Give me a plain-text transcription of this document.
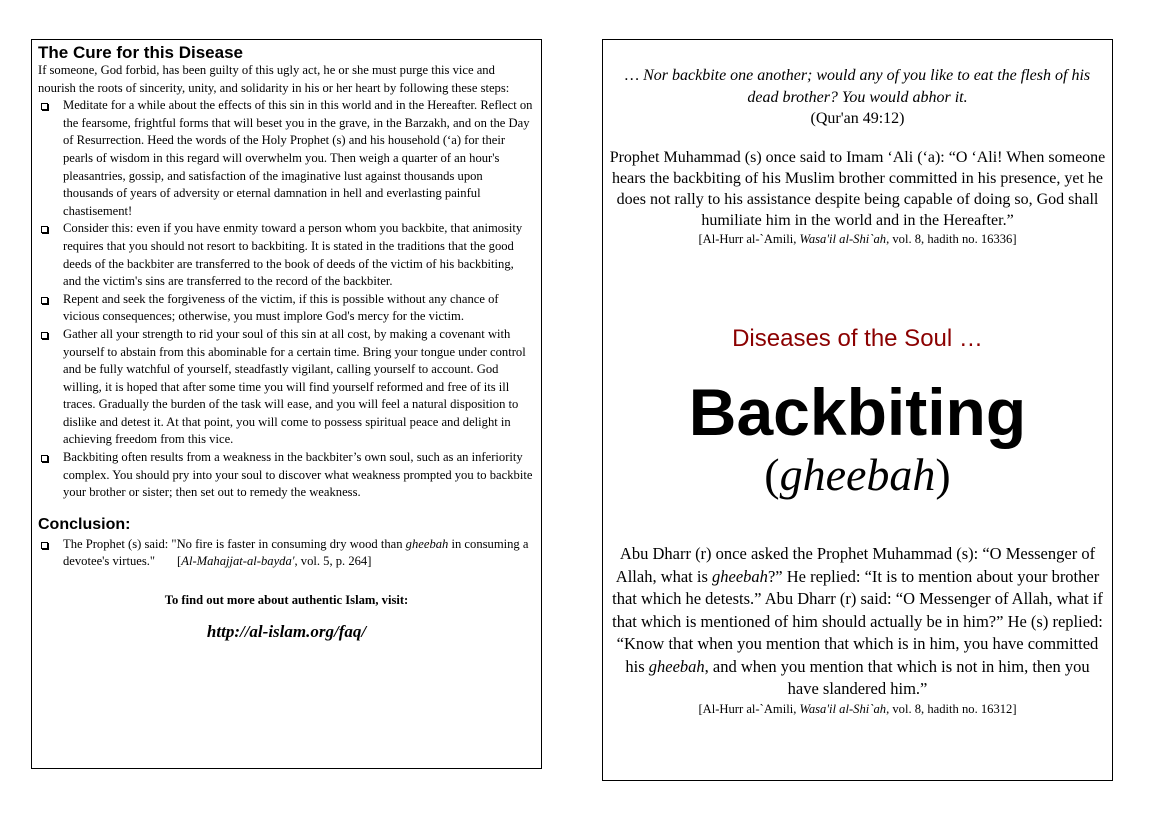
The Cure for this Disease

If someone, God forbid, has been guilty of this ugly act, he or she must purge this vice and nourish the roots of sincerity, unity, and solidarity in his or her heart by following these steps:

Meditate for a while about the effects of this sin in this world and in the Hereafter. Reflect on the fearsome, frightful forms that will beset you in the grave, in the Barzakh, and on the Day of Resurrection. Heed the words of the Holy Prophet (s) and his household (‘a) for their pearls of wisdom in this regard will overwhelm you. Then weigh a quarter of an hour's pleasantries, gossip, and satisfaction of the imaginative lust against thousands upon thousands of years of adversity or eternal damnation in hell and everlasting painful chastisement!
Consider this: even if you have enmity toward a person whom you backbite, that animosity requires that you should not resort to backbiting. It is stated in the traditions that the good deeds of the backbiter are transferred to the book of deeds of the victim of his backbiting, and the victim's sins are transferred to the record of the backbiter.
Repent and seek the forgiveness of the victim, if this is possible without any chance of vicious consequences; otherwise, you must implore God's mercy for the victim.
Gather all your strength to rid your soul of this sin at all cost, by making a covenant with yourself to abstain from this abominable for a certain time. Bring your tongue under control and be fully watchful of yourself, steadfastly vigilant, calling yourself to account. God willing, it is hoped that after some time you will find yourself reformed and free of its ill traces. Gradually the burden of the task will ease, and you will feel a natural disposition to dislike and detest it. At that point, you will come to possess spiritual peace and delight in achieving freedom from this vice.
Backbiting often results from a weakness in the backbiter’s own soul, such as an inferiority complex. You should pry into your soul to discover what weakness prompted you to backbite your brother or sister; then set out to remedy the weakness.
Conclusion:
The Prophet (s) said: "No fire is faster in consuming dry wood than gheebah in consuming a devotee's virtues." [Al-Mahajjat-al-bayda', vol. 5, p. 264]
To find out more about authentic Islam, visit:
http://al-islam.org/faq/
… Nor backbite one another; would any of you like to eat the flesh of his dead brother? You would abhor it.
(Qur'an 49:12)
Prophet Muhammad (s) once said to Imam ‘Ali (‘a): “O ‘Ali! When someone hears the backbiting of his Muslim brother committed in his presence, yet he does not rally to his assistance despite being capable of doing so, God shall humiliate him in the world and in the Hereafter.”
[Al-Hurr al-`Amili, Wasa'il al-Shi`ah, vol. 8, hadith no. 16336]
Diseases of the Soul …
Backbiting
(gheebah)
Abu Dharr (r) once asked the Prophet Muhammad (s): “O Messenger of Allah, what is gheebah?” He replied: “It is to mention about your brother that which he detests.” Abu Dharr (r) said: “O Messenger of Allah, what if that which is mentioned of him should actually be in him?” He (s) replied: “Know that when you mention that which is in him, you have committed his gheebah, and when you mention that which is not in him, then you have slandered him.”
[Al-Hurr al-`Amili, Wasa'il al-Shi`ah, vol. 8, hadith no. 16312]
